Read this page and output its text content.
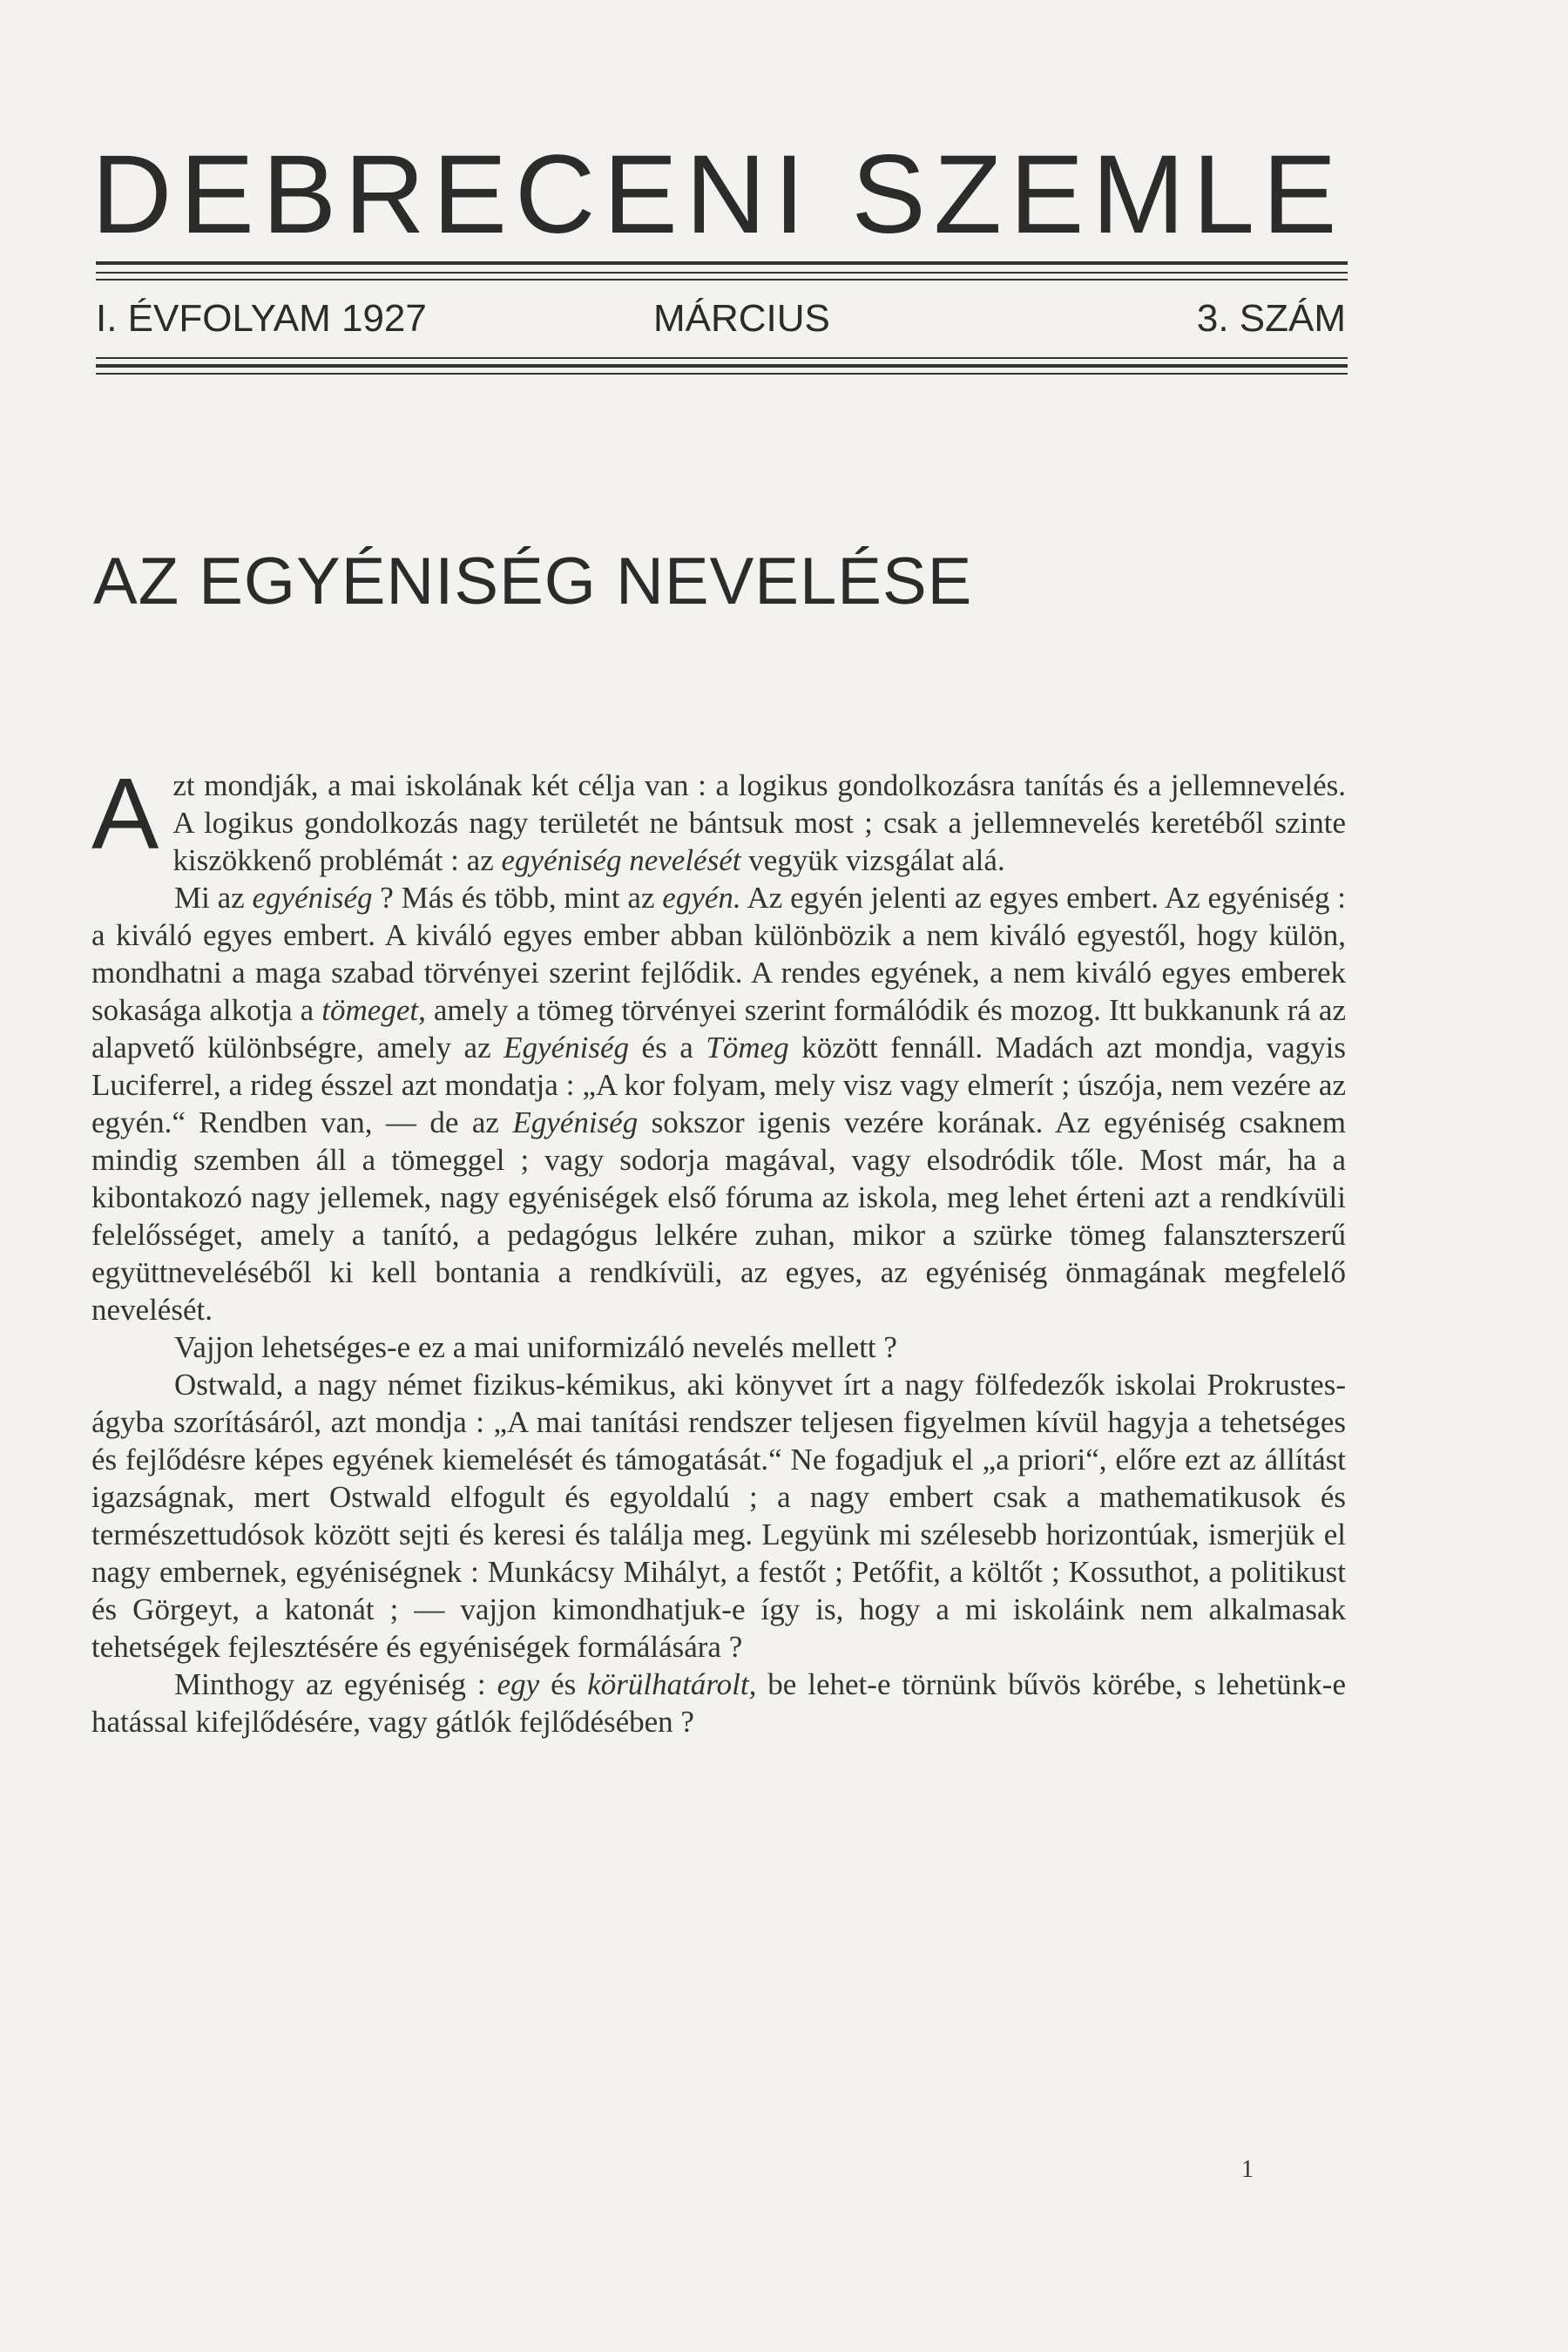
DEBRECENI SZEMLE
I. ÉVFOLYAM 1927	MÁRCIUS	3. SZÁM
AZ EGYÉNISÉG NEVELÉSE

Azt mondják, a mai iskolának két célja van : a logikus gondolkozásra tanítás és a jellemnevelés. A logikus gondolkozás nagy területét ne bántsuk most ; csak a jellemnevelés keretéből szinte kiszökkenő problémát : az egyéniség nevelését vegyük vizsgálat alá.

Mi az egyéniség ? Más és több, mint az egyén. Az egyén jelenti az egyes embert. Az egyéniség : a kiváló egyes embert. A kiváló egyes ember abban különbözik a nem kiváló egyestől, hogy külön, mondhatni a maga szabad törvényei szerint fejlődik. A rendes egyének, a nem kiváló egyes emberek sokasága alkotja a tömeget, amely a tömeg törvényei szerint formálódik és mozog. Itt bukkanunk rá az alapvető különbségre, amely az Egyéniség és a Tömeg között fennáll. Madách azt mondja, vagyis Luciferrel, a rideg ésszel azt mondatja : „A kor folyam, mely visz vagy elmerít ; úszója, nem vezére az egyén.“ Rendben van, — de az Egyéniség sokszor igenis vezére korának. Az egyéniség csaknem mindig szemben áll a tömeggel ; vagy sodorja magával, vagy elsodródik tőle. Most már, ha a kibontakozó nagy jellemek, nagy egyéniségek első fóruma az iskola, meg lehet érteni azt a rendkívüli felelősséget, amely a tanító, a pedagógus lelkére zuhan, mikor a szürke tömeg falanszterszerű együttneveléséből ki kell bontania a rendkívüli, az egyes, az egyéniség önmagának megfelelő nevelését.

Vajjon lehetséges-e ez a mai uniformizáló nevelés mellett ?

Ostwald, a nagy német fizikus-kémikus, aki könyvet írt a nagy fölfedezők iskolai Prokrustes-ágyba szorításáról, azt mondja : „A mai tanítási rendszer teljesen figyelmen kívül hagyja a tehetséges és fejlődésre képes egyének kiemelését és támogatását.“ Ne fogadjuk el „a priori“, előre ezt az állítást igazságnak, mert Ostwald elfogult és egyoldalú ; a nagy embert csak a mathematikusok és természettudósok között sejti és keresi és találja meg. Legyünk mi szélesebb horizontúak, ismerjük el nagy embernek, egyéniségnek : Munkácsy Mihályt, a festőt ; Petőfit, a költőt ; Kossuthot, a politikust és Görgeyt, a katonát ; — vajjon kimondhatjuk-e így is, hogy a mi iskoláink nem alkalmasak tehetségek fejlesztésére és egyéniségek formálására ?

Minthogy az egyéniség : egy és körülhatárolt, be lehet-e törnünk bűvös körébe, s lehetünk-e hatással kifejlődésére, vagy gátlók fejlődésében ?

1
